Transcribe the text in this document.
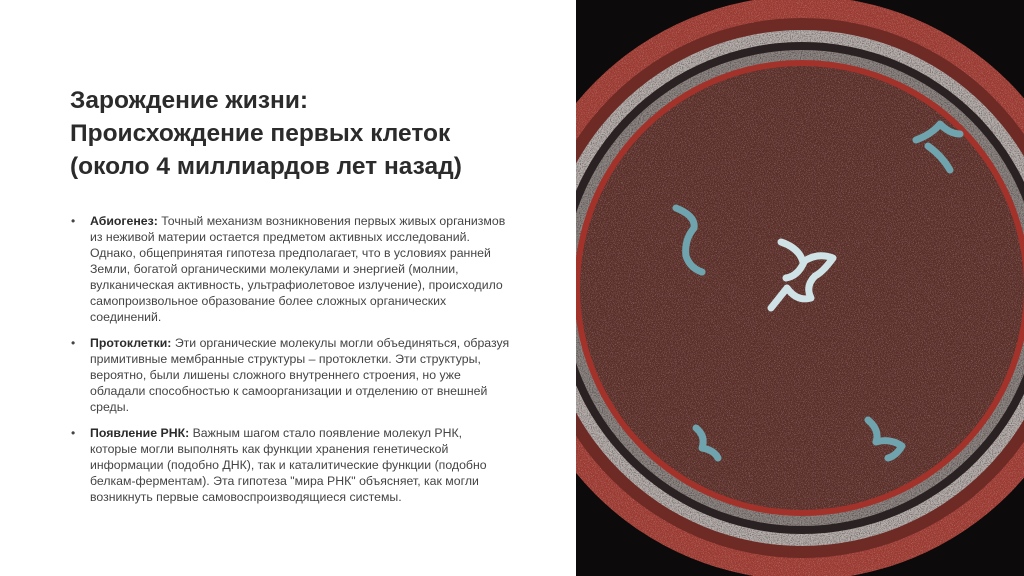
Зарождение жизни:
Происхождение первых клеток
(около 4 миллиардов лет назад)
• Абиогенез: Точный механизм возникновения первых живых организмов из неживой материи остается предметом активных исследований. Однако, общепринятая гипотеза предполагает, что в условиях ранней Земли, богатой органическими молекулами и энергией (молнии, вулканическая активность, ультрафиолетовое излучение), происходило самопроизвольное образование более сложных органических соединений.
• Протоклетки: Эти органические молекулы могли объединяться, образуя примитивные мембранные структуры – протоклетки. Эти структуры, вероятно, были лишены сложного внутреннего строения, но уже обладали способностью к самоорганизации и отделению от внешней среды.
• Появление РНК: Важным шагом стало появление молекул РНК, которые могли выполнять как функции хранения генетической информации (подобно ДНК), так и каталитические функции (подобно белкам-ферментам). Эта гипотеза "мира РНК" объясняет, как могли возникнуть первые самовоспроизводящиеся системы.
